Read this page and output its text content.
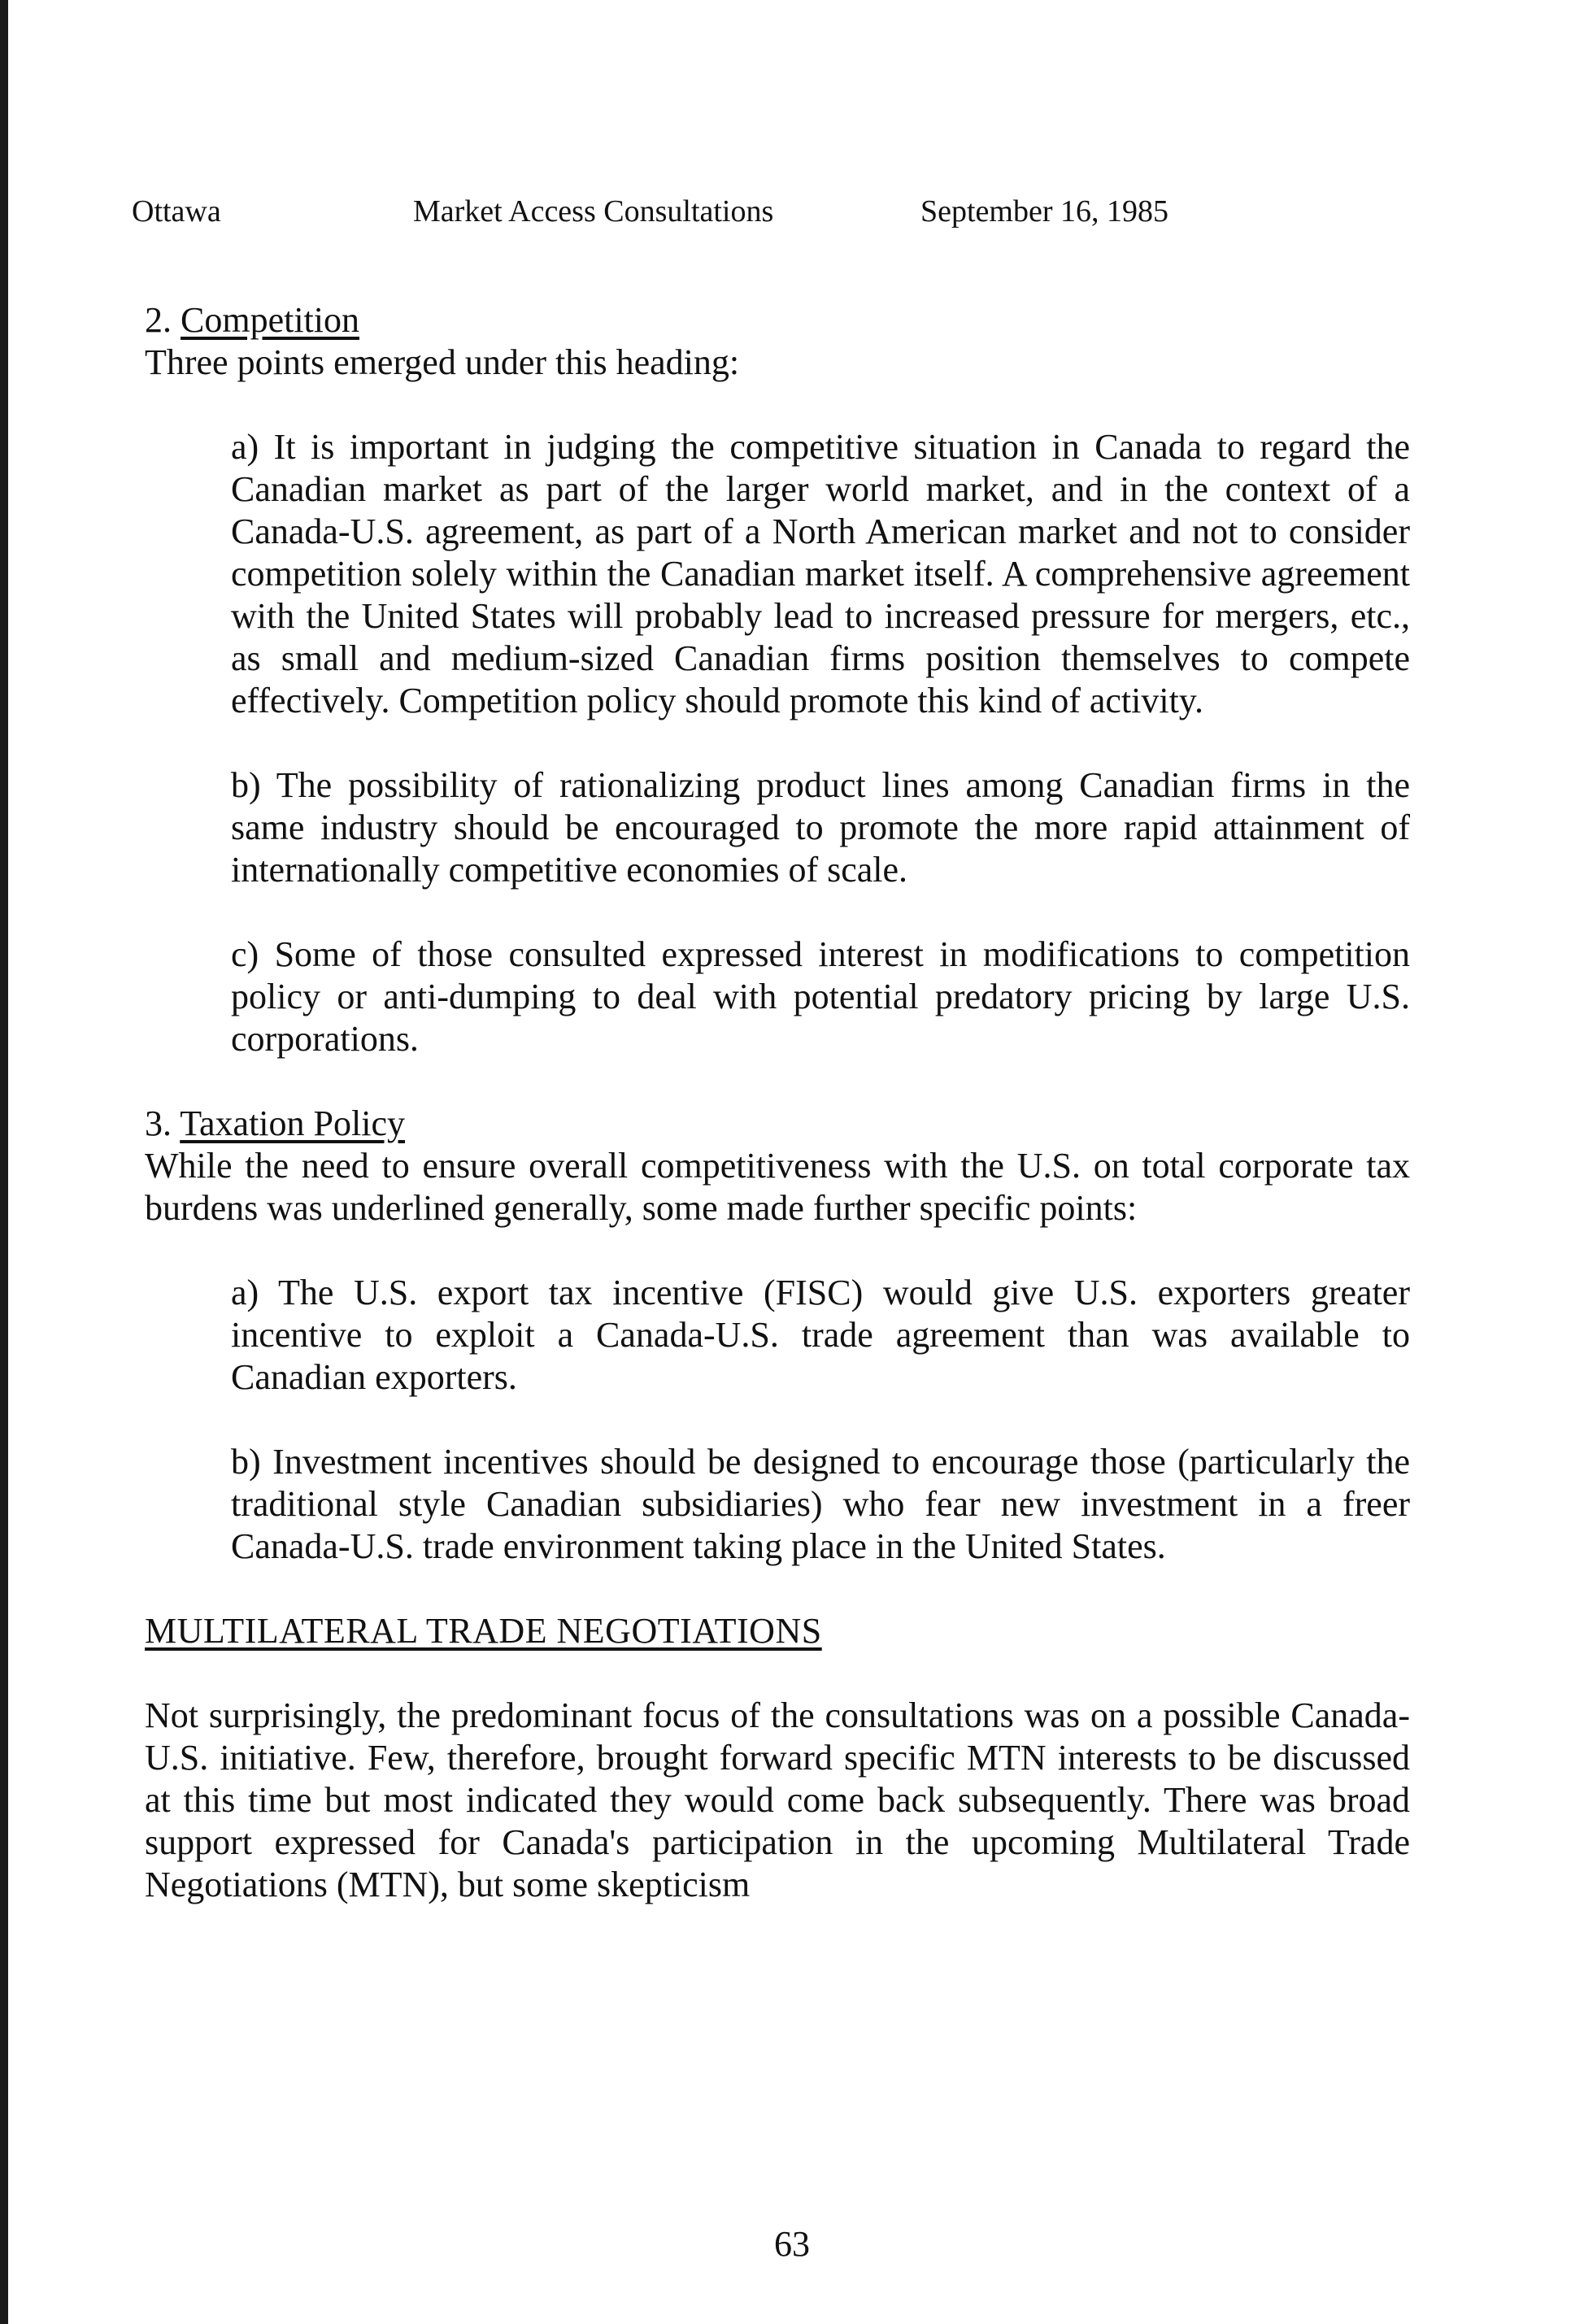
Ottawa	Market Access Consultations	September 16, 1985

2. Competition

Three points emerged under this heading:

a) It is important in judging the competitive situation in Canada to regard the Canadian market as part of the larger world market, and in the context of a Canada-U.S. agreement, as part of a North American market and not to consider competition solely within the Canadian market itself. A comprehensive agreement with the United States will probably lead to increased pressure for mergers, etc., as small and medium-sized Canadian firms position themselves to compete effectively. Competition policy should promote this kind of activity.

b) The possibility of rationalizing product lines among Canadian firms in the same industry should be encouraged to promote the more rapid attainment of internationally competitive economies of scale.

c) Some of those consulted expressed interest in modifications to competition policy or anti-dumping to deal with potential predatory pricing by large U.S. corporations.

3. Taxation Policy

While the need to ensure overall competitiveness with the U.S. on total corporate tax burdens was underlined generally, some made further specific points:

a) The U.S. export tax incentive (FISC) would give U.S. exporters greater incentive to exploit a Canada-U.S. trade agreement than was available to Canadian exporters.

b) Investment incentives should be designed to encourage those (particularly the traditional style Canadian subsidiaries) who fear new investment in a freer Canada-U.S. trade environment taking place in the United States.

MULTILATERAL TRADE NEGOTIATIONS

Not surprisingly, the predominant focus of the consultations was on a possible Canada-U.S. initiative. Few, therefore, brought forward specific MTN interests to be discussed at this time but most indicated they would come back subsequently. There was broad support expressed for Canada's participation in the upcoming Multilateral Trade Negotiations (MTN), but some skepticism

63
